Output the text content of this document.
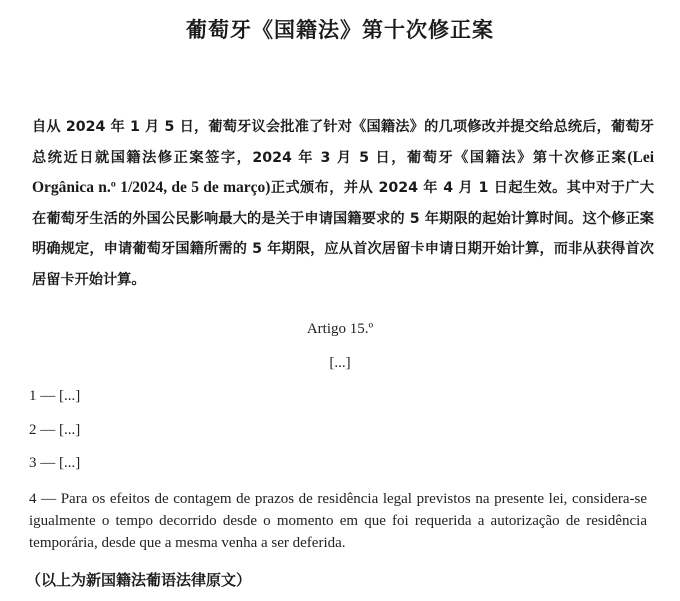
葡萄牙《国籍法》第十次修正案

自从 2024 年 1 月 5 日，葡萄牙议会批准了针对《国籍法》的几项修改并提交给总统后，葡萄牙总统近日就国籍法修正案签字，2024 年 3 月 5 日，葡萄牙《国籍法》第十次修正案(Lei Orgânica n.º 1/2024, de 5 de março)正式颁布，并从 2024 年 4 月 1 日起生效。其中对于广大在葡萄牙生活的外国公民影响最大的是关于申请国籍要求的 5 年期限的起始计算时间。这个修正案明确规定，申请葡萄牙国籍所需的 5 年期限，应从首次居留卡申请日期开始计算，而非从获得首次居留卡开始计算。

Artigo 15.º
[...]
1 — [...]
2 — [...]
3 — [...]

4 — Para os efeitos de contagem de prazos de residência legal previstos na presente lei, considera-se igualmente o tempo decorrido desde o momento em que foi requerida a autorização de residência temporária, desde que a mesma venha a ser deferida.

（以上为新国籍法葡语法律原文）
